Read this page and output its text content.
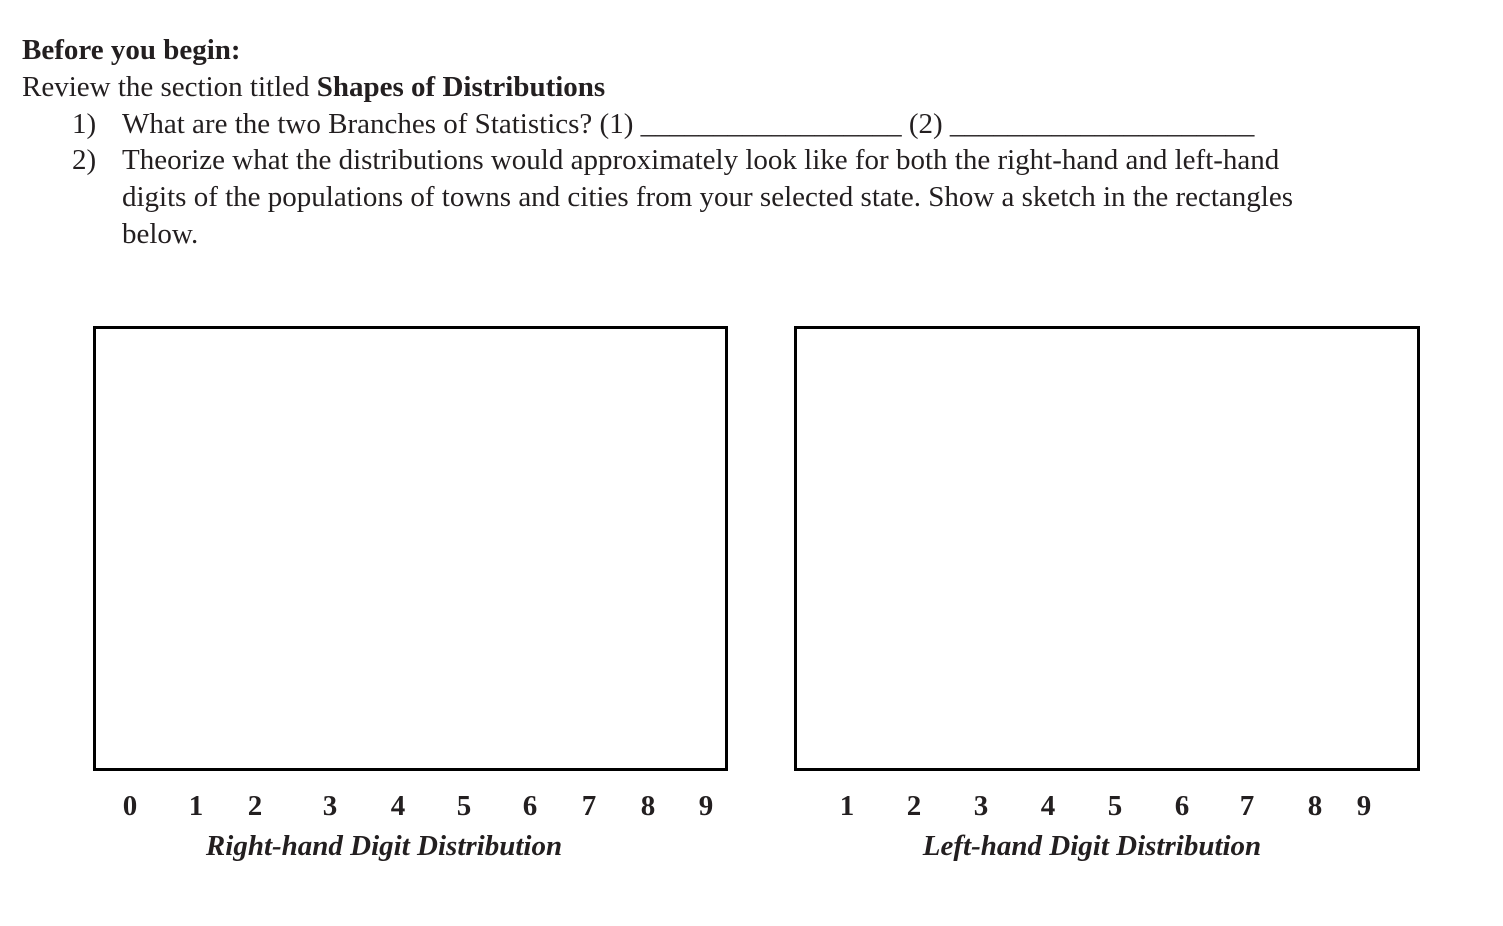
Before you begin:
Review the section titled Shapes of Distributions
1) What are the two Branches of Statistics? (1) __________________ (2) _____________________
2) Theorize what the distributions would approximately look like for both the right-hand and left-hand
digits of the populations of towns and cities from your selected state. Show a sketch in the rectangles
below.
0 1 2 3 4 5 6 7 8 9
Right-hand Digit Distribution
1 2 3 4 5 6 7 8 9
Left-hand Digit Distribution
